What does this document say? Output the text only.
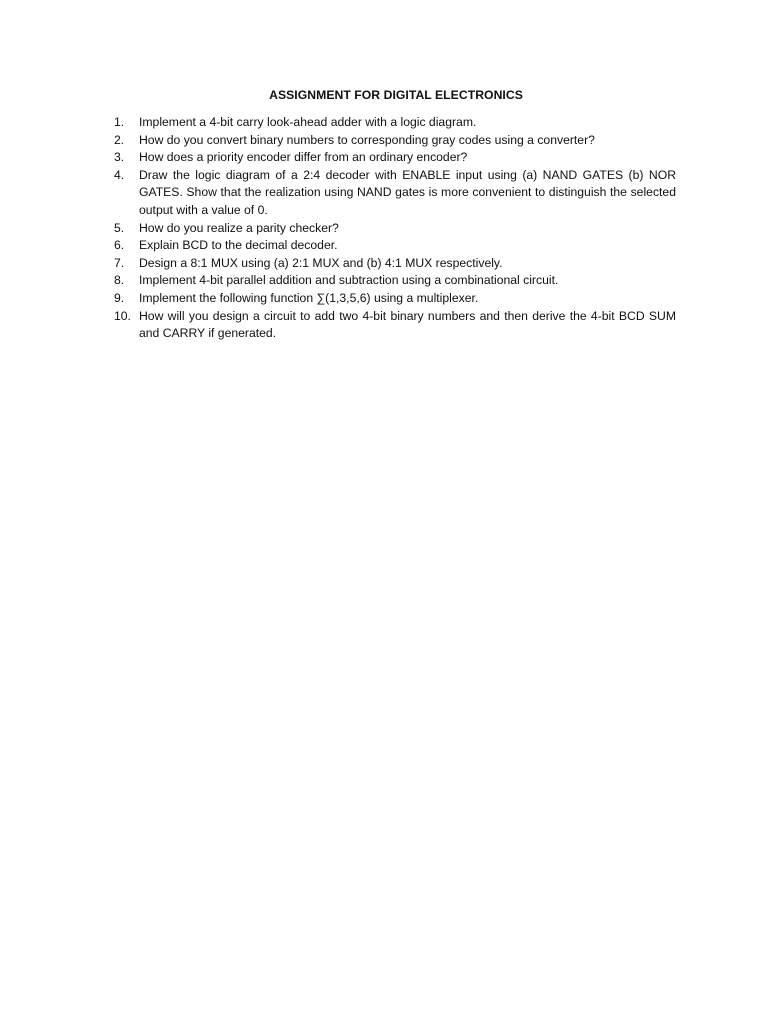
ASSIGNMENT FOR DIGITAL ELECTRONICS
1.	Implement a 4-bit carry look-ahead adder with a logic diagram.
2.	How do you convert binary numbers to corresponding gray codes using a converter?
3.	How does a priority encoder differ from an ordinary encoder?
4.	Draw the logic diagram of a 2:4 decoder with ENABLE input using (a) NAND GATES (b) NOR GATES. Show that the realization using NAND gates is more convenient to distinguish the selected output with a value of 0.
5.	How do you realize a parity checker?
6.	Explain BCD to the decimal decoder.
7.	Design a 8:1 MUX using (a) 2:1 MUX and (b) 4:1 MUX respectively.
8.	Implement 4-bit parallel addition and subtraction using a combinational circuit.
9.	Implement the following function ∑(1,3,5,6) using a multiplexer.
10. How will you design a circuit to add two 4-bit binary numbers and then derive the 4-bit BCD SUM and CARRY if generated.
